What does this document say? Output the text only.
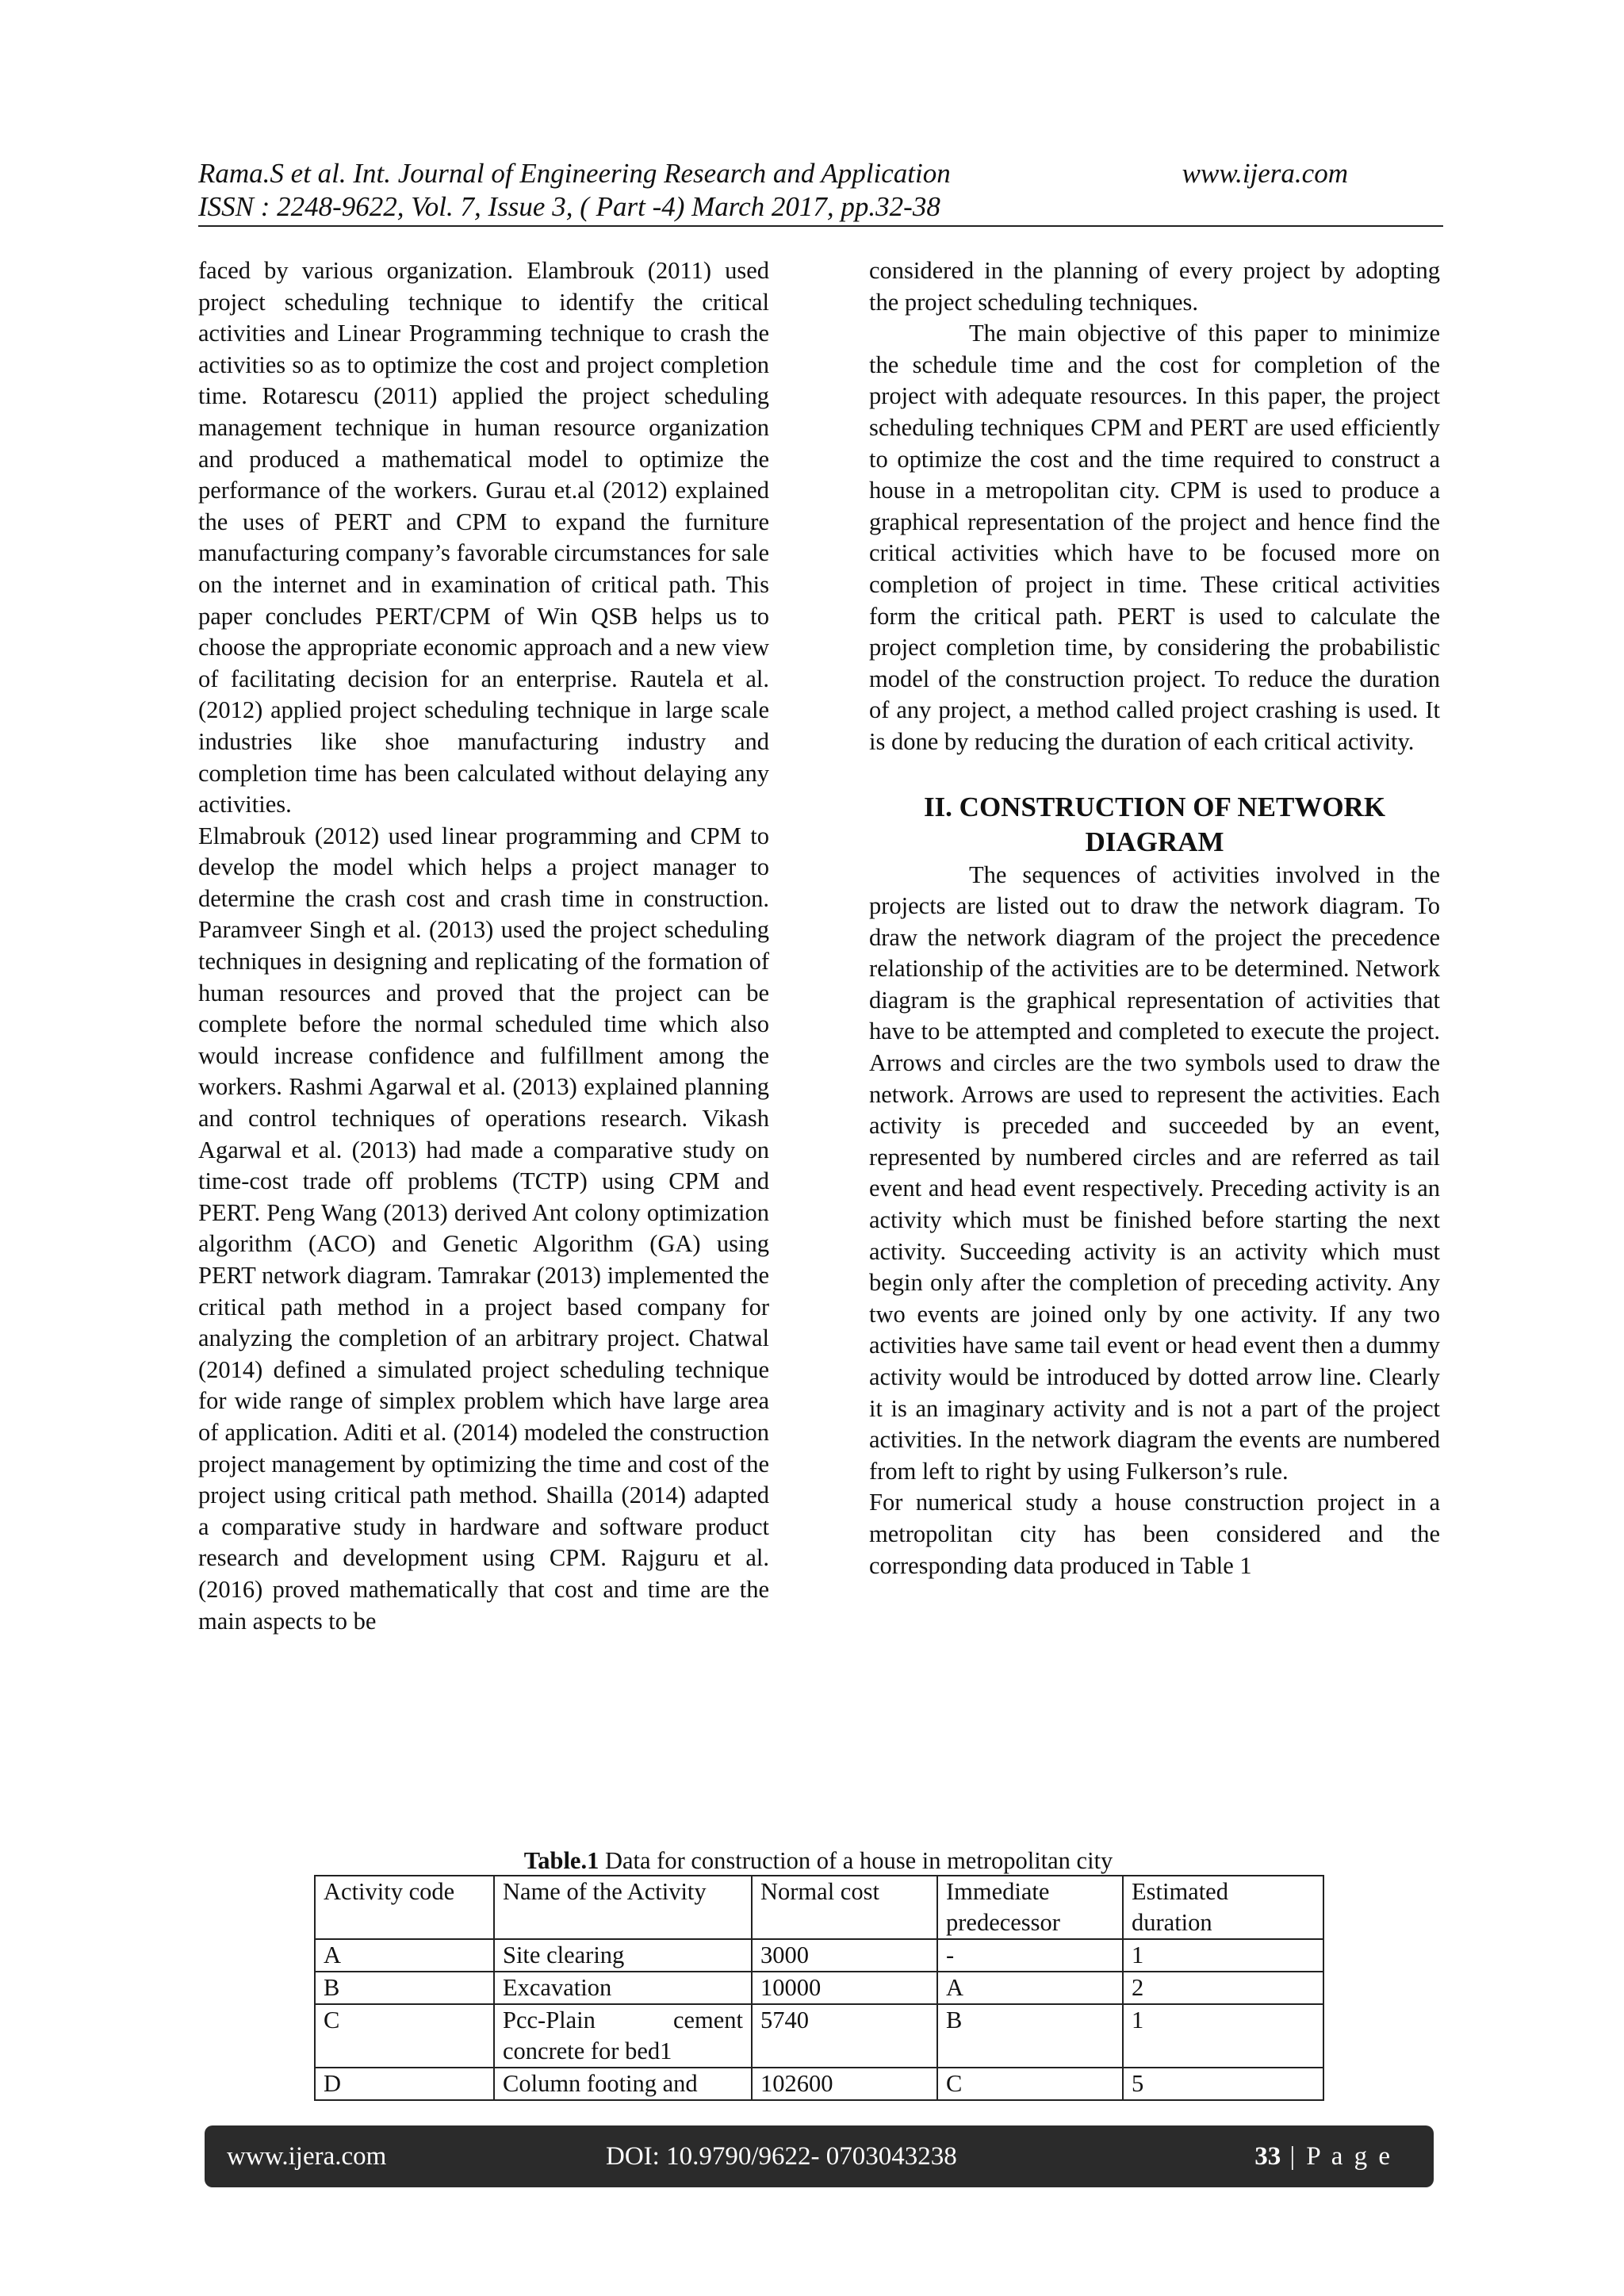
Rama.S et al. Int. Journal of Engineering Research and Application	www.ijera.com
ISSN : 2248-9622, Vol. 7, Issue 3, ( Part -4) March 2017, pp.32-38

faced by various organization. Elambrouk (2011) used project scheduling technique to identify the critical activities and Linear Programming technique to crash the activities so as to optimize the cost and project completion time. Rotarescu (2011) applied the project scheduling management technique in human resource organization and produced a mathematical model to optimize the performance of the workers. Gurau et.al (2012) explained the uses of PERT and CPM to expand the furniture manufacturing company’s favorable circumstances for sale on the internet and in examination of critical path. This paper concludes PERT/CPM of Win QSB helps us to choose the appropriate economic approach and a new view of facilitating decision for an enterprise. Rautela et al.(2012) applied project scheduling technique in large scale industries like shoe manufacturing industry and completion time has been calculated without delaying any activities.

Elmabrouk (2012) used linear programming and CPM to develop the model which helps a project manager to determine the crash cost and crash time in construction. Paramveer Singh et al. (2013) used the project scheduling techniques in designing and replicating of the formation of human resources and proved that the project can be complete before the normal scheduled time which also would increase confidence and fulfillment among the workers. Rashmi Agarwal et al. (2013) explained planning and control techniques of operations research. Vikash Agarwal et al. (2013) had made a comparative study on time-cost trade off problems (TCTP) using CPM and PERT. Peng Wang (2013) derived Ant colony optimization algorithm (ACO) and Genetic Algorithm (GA) using PERT network diagram. Tamrakar (2013) implemented the critical path method in a project based company for analyzing the completion of an arbitrary project. Chatwal (2014) defined a simulated project scheduling technique for wide range of simplex problem which have large area of application. Aditi et al. (2014) modeled the construction project management by optimizing the time and cost of the project using critical path method. Shailla (2014) adapted a comparative study in hardware and software product research and development using CPM. Rajguru et al. (2016) proved mathematically that cost and time are the main aspects to be

considered in the planning of every project by adopting the project scheduling techniques.

The main objective of this paper to minimize the schedule time and the cost for completion of the project with adequate resources. In this paper, the project scheduling techniques CPM and PERT are used efficiently to optimize the cost and the time required to construct a house in a metropolitan city. CPM is used to produce a graphical representation of the project and hence find the critical activities which have to be focused more on completion of project in time. These critical activities form the critical path. PERT is used to calculate the project completion time, by considering the probabilistic model of the construction project. To reduce the duration of any project, a method called project crashing is used. It is done by reducing the duration of each critical activity.

II. CONSTRUCTION OF NETWORK
DIAGRAM

The sequences of activities involved in the projects are listed out to draw the network diagram. To draw the network diagram of the project the precedence relationship of the activities are to be determined. Network diagram is the graphical representation of activities that have to be attempted and completed to execute the project. Arrows and circles are the two symbols used to draw the network. Arrows are used to represent the activities. Each activity is preceded and succeeded by an event, represented by numbered circles and are referred as tail event and head event respectively. Preceding activity is an activity which must be finished before starting the next activity. Succeeding activity is an activity which must begin only after the completion of preceding activity. Any two events are joined only by one activity. If any two activities have same tail event or head event then a dummy activity would be introduced by dotted arrow line. Clearly it is an imaginary activity and is not a part of the project activities. In the network diagram the events are numbered from left to right by using Fulkerson’s rule.

For numerical study a house construction project in a metropolitan city has been considered and the corresponding data produced in Table 1

Table.1 Data for construction of a house in metropolitan city
Activity code	Name of the Activity	Normal cost	Immediate predecessor	Estimated duration
A	Site clearing	3000	-	1
B	Excavation	10000	A	2
C	Pcc-Plain cement concrete for bed1	5740	B	1
D	Column footing and	102600	C	5
www.ijera.com	DOI: 10.9790/9622- 0703043238	33 | P a g e
